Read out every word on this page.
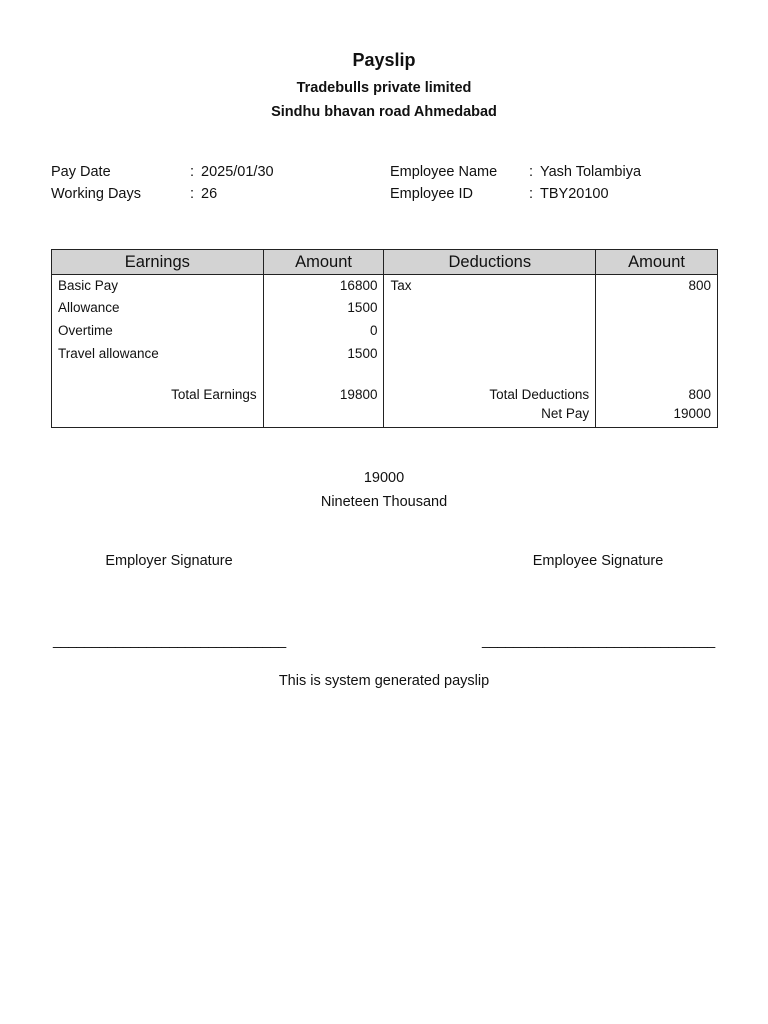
Payslip
Tradebulls private limited
Sindhu bhavan road Ahmedabad
Pay Date	: 2025/01/30
Working Days	: 26
Employee Name : Yash Tolambiya
Employee ID	: TBY20100
Earnings	Amount	Deductions	Amount
Basic Pay	16800	Tax	800
Allowance	1500		
Overtime	0		
Travel allowance	1500		

Total Earnings	19800	Total Deductions	800
		Net Pay	19000
19000
Nineteen Thousand
Employer Signature	Employee Signature
______________________________	______________________________
This is system generated payslip
